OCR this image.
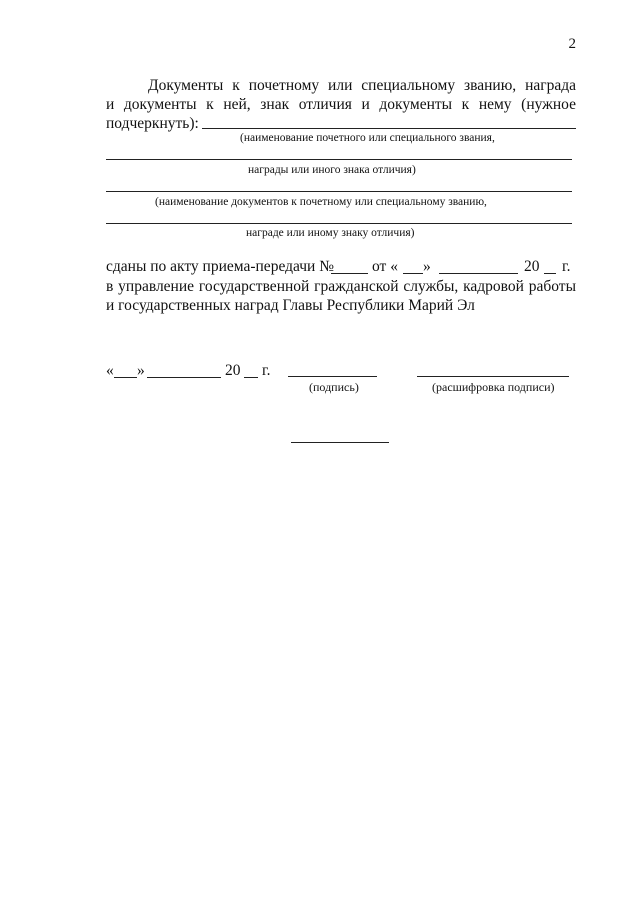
2
Документы к почетному или специальному званию, награда
и документы к ней, знак отличия и документы к нему (нужное
подчеркнуть):
(наименование почетного или специального звания,
награды или иного знака отличия)
(наименование документов к почетному или специальному званию,
награде или иному знаку отличия)
сданы по акту приема-передачи № от « »	20 г.
в управление государственной гражданской службы, кадровой работы
и государственных наград Главы Республики Марий Эл
« »	20 г.
(подпись)	(расшифровка подписи)
